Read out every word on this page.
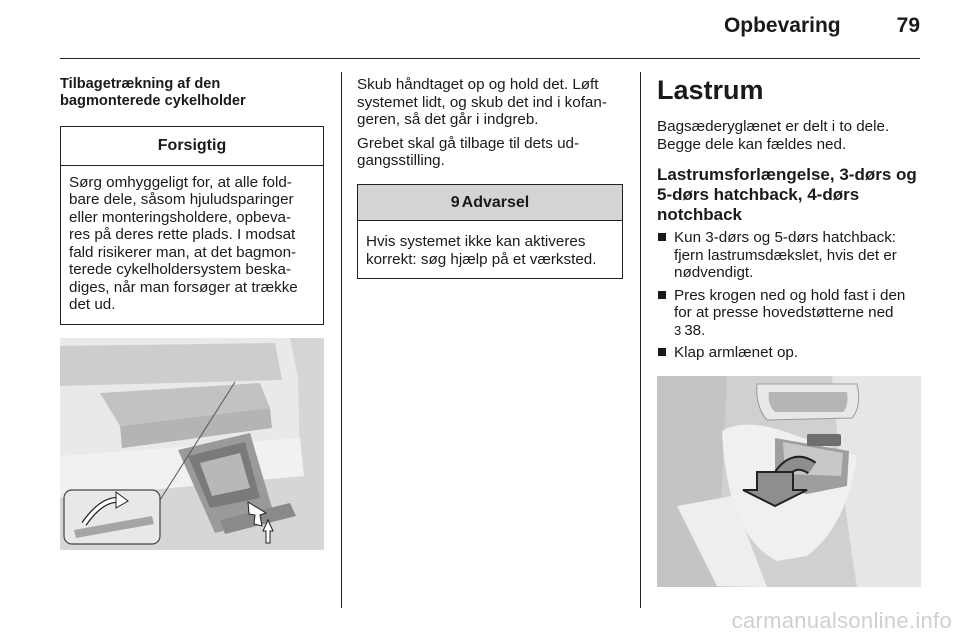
Opbevaring	79
Tilbagetrækning af den
bagmonterede cykelholder
Forsigtig
Sørg omhyggeligt for, at alle fold-
bare dele, såsom hjuludsparinger
eller monteringsholdere, opbeva-
res på deres rette plads. I modsat
fald risikerer man, at det bagmon-
terede cykelholdersystem beska-
diges, når man forsøger at trække
det ud.
Skub håndtaget op og hold det. Løft
systemet lidt, og skub det ind i kofan-
geren, så det går i indgreb.
Grebet skal gå tilbage til dets ud-
gangsstilling.
9 Advarsel
Hvis systemet ikke kan aktiveres
korrekt: søg hjælp på et værksted.
Lastrum
Bagsæderyglænet er delt i to dele.
Begge dele kan fældes ned.
Lastrumsforlængelse, 3-dørs og
5-dørs hatchback, 4-dørs
notchback
Kun 3-dørs og 5-dørs hatchback:
fjern lastrumsdækslet, hvis det er
nødvendigt.
Pres krogen ned og hold fast i den
for at presse hovedstøtterne ned
3 38.
Klap armlænet op.
carmanualsonline.info
